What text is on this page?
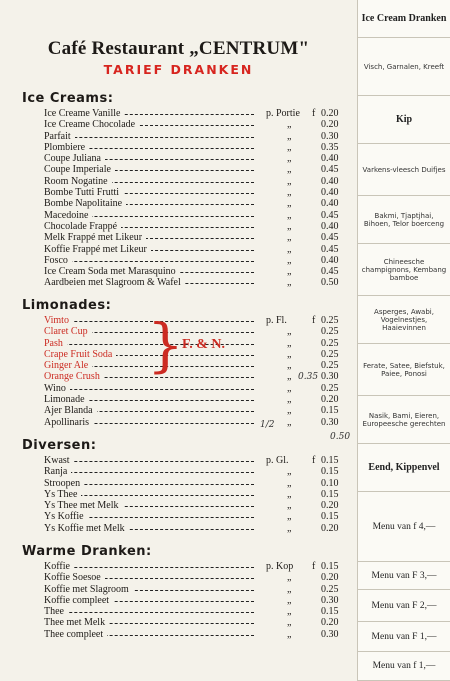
Café Restaurant „CENTRUM"
TARIEF DRANKEN
Ice Creams:
Ice Creame Vanille	p. Portie f 0.20
Ice Creame Chocolade	„	0.20
Parfait	„	0.30
Plombiere	„	0.35
Coupe Juliana	„	0.40
Coupe Imperiale	„	0.45
Room Nogatine	„	0.40
Bombe Tutti Frutti	„	0.40
Bombe Napolitaine	„	0.40
Macedoine	„	0.45
Chocolade Frappé	„	0.40
Melk Frappé met Likeur	„	0.45
Koffie Frappé met Likeur	„	0.45
Fosco	„	0.40
Ice Cream Soda met Marasquino	„	0.45
Aardbeien met Slagroom & Wafel	„	0.50
Limonades:
Vimto	p. Fl.	f 0.25
Claret Cup	„	0.25
Pash	„	0.25
Crape Fruit Soda	„	0.25
Ginger Ale	„	0.25
Orange Crush	„	0.30
Wino	„	0.25
Limonade	„	0.20
Ajer Blanda	„	0.15
Apollinaris	„	0.30
}
F. & N.
Diversen:
Kwast	p. Gl. f 0.15
Ranja	„	0.15
Stroopen	„	0.10
Ys Thee	„	0.15
Ys Thee met Melk	„	0.20
Ys Koffie	„	0.15
Ys Koffie met Melk	„	0.20
Warme Dranken:
Koffie	p. Kop f 0.15
Koffie Soesoe	„	0.20
Koffie met Slagroom	„	0.25
Koffie compleet	„	0.30
Thee	„	0.15
Thee met Melk	„	0.20
Thee compleet	„	0.30
0.35
0.50
1/2
Ice Cream Dranken
Visch, Garnalen, Kreeft
Kip
Varkens-vleesch Duifjes
Bakmi, Tjaptjhai, Bihoen, Telor boerceng
Chineesche champignons, Kembang bamboe
Asperges, Awabi, Vogelnestjes, Haaievinnen
Ferate, Satee, Biefstuk, Paiee, Ponosi
Nasik, Bami, Eieren, Europeesche gerechten
Eend, Kippenvel
Menu van f 4,—
Menu van F 3,—
Menu van F 2,—
Menu van F 1,—
Menu van f 1,—
